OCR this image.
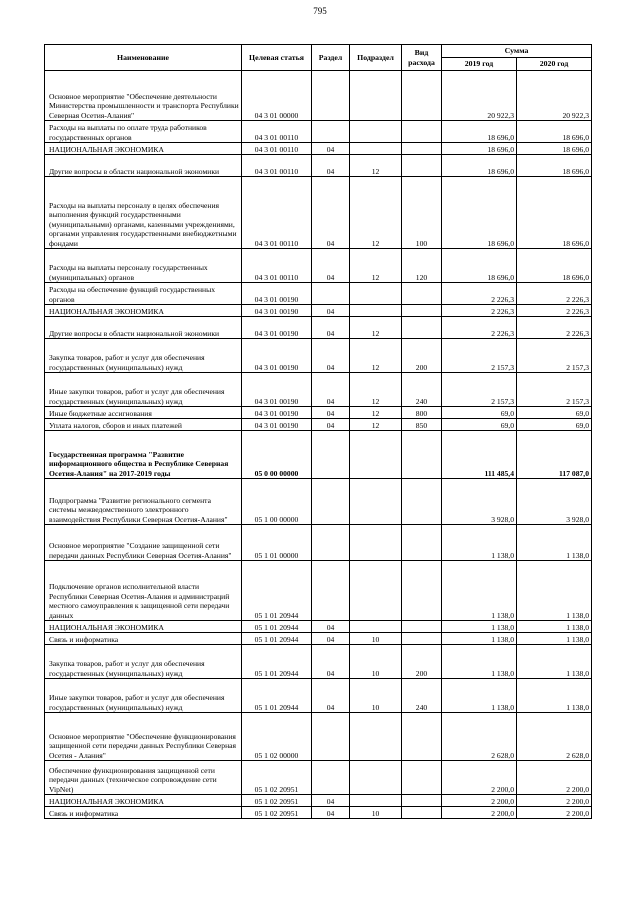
795
Наименование	Целевая статья	Раздел	Подраздел	Вид расхода	Сумма	
					2019 год	2020 год
Основное мероприятие "Обеспечение деятельности Министерства промышленности и транспорта Республики Северная Осетия-Алания"	04 3 01 00000				20 922,3	20 922,3
Расходы на выплаты по оплате труда работников государственных органов	04 3 01 00110				18 696,0	18 696,0
НАЦИОНАЛЬНАЯ ЭКОНОМИКА	04 3 01 00110	04			18 696,0	18 696,0
Другие вопросы в области национальной экономики	04 3 01 00110	04	12		18 696,0	18 696,0
Расходы на выплаты персоналу в целях обеспечения выполнения функций государственными (муниципальными) органами, казенными учреждениями, органами управления государственными внебюджетными фондами	04 3 01 00110	04	12	100	18 696,0	18 696,0
Расходы на выплаты персоналу государственных (муниципальных) органов	04 3 01 00110	04	12	120	18 696,0	18 696,0
Расходы на обеспечение функций государственных органов	04 3 01 00190				2 226,3	2 226,3
НАЦИОНАЛЬНАЯ ЭКОНОМИКА	04 3 01 00190	04			2 226,3	2 226,3
Другие вопросы в области национальной экономики	04 3 01 00190	04	12		2 226,3	2 226,3
Закупка товаров, работ и услуг для обеспечения государственных (муниципальных) нужд	04 3 01 00190	04	12	200	2 157,3	2 157,3
Иные закупки товаров, работ и услуг для обеспечения государственных (муниципальных) нужд	04 3 01 00190	04	12	240	2 157,3	2 157,3
Иные бюджетные ассигнования	04 3 01 00190	04	12	800	69,0	69,0
Уплата налогов, сборов и иных платежей	04 3 01 00190	04	12	850	69,0	69,0
Государственная программа "Развитие информационного общества в Республике Северная Осетия-Алания" на 2017-2019 годы	05 0 00 00000				111 485,4	117 087,0
Подпрограмма "Развитие регионального сегмента системы межведомственного электронного взаимодействия Республики Северная Осетия-Алания"	05 1 00 00000				3 928,0	3 928,0
Основное мероприятие "Создание защищенной сети передачи данных Республики Северная Осетия-Алания"	05 1 01 00000				1 138,0	1 138,0
Подключение органов исполнительной власти Республики Северная Осетия-Алания и администраций местного самоуправления к защищенной сети передачи данных	05 1 01 20944				1 138,0	1 138,0
НАЦИОНАЛЬНАЯ ЭКОНОМИКА	05 1 01 20944	04			1 138,0	1 138,0
Связь и информатика	05 1 01 20944	04	10		1 138,0	1 138,0
Закупка товаров, работ и услуг для обеспечения государственных (муниципальных) нужд	05 1 01 20944	04	10	200	1 138,0	1 138,0
Иные закупки товаров, работ и услуг для обеспечения государственных (муниципальных) нужд	05 1 01 20944	04	10	240	1 138,0	1 138,0
Основное мероприятие "Обеспечение функционирования защищенной сети передачи данных Республики Северная Осетия - Алания"	05 1 02 00000				2 628,0	2 628,0
Обеспечение функционирования защищенной сети передачи данных (техническое сопровождение сети VipNet)	05 1 02 20951				2 200,0	2 200,0
НАЦИОНАЛЬНАЯ ЭКОНОМИКА	05 1 02 20951	04			2 200,0	2 200,0
Связь и информатика	05 1 02 20951	04	10		2 200,0	2 200,0
